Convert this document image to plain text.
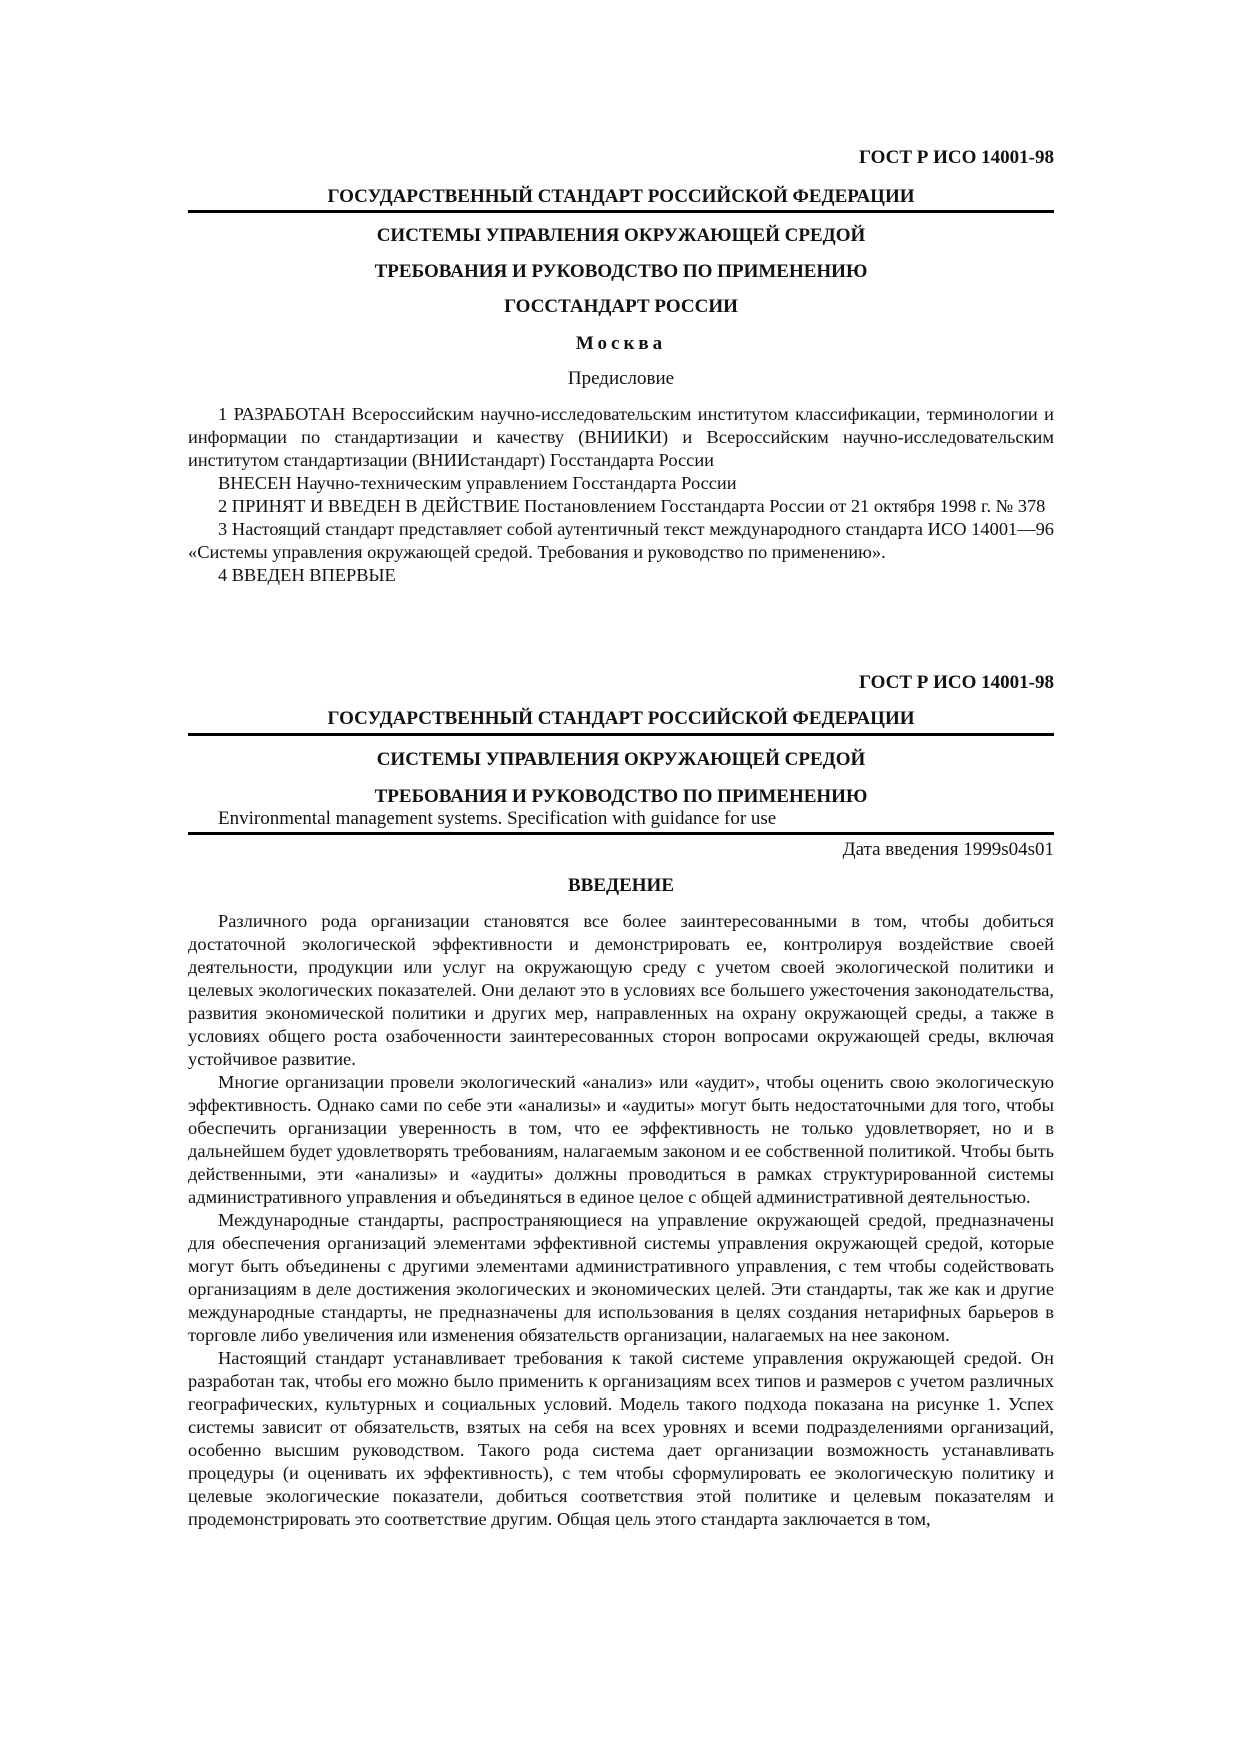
ГОСТ Р ИСО 14001-98
ГОСУДАРСТВЕННЫЙ СТАНДАРТ РОССИЙСКОЙ ФЕДЕРАЦИИ
СИСТЕМЫ УПРАВЛЕНИЯ ОКРУЖАЮЩЕЙ СРЕДОЙ
ТРЕБОВАНИЯ И РУКОВОДСТВО ПО ПРИМЕНЕНИЮ
ГОССТАНДАРТ РОССИИ
Москва
Предисловие

1 РАЗРАБОТАН Всероссийским научно-исследовательским институтом классификации, терминологии и информации по стандартизации и качеству (ВНИИКИ) и Всероссийским научно-исследовательским институтом стандартизации (ВНИИстандарт) Госстандарта России

ВНЕСЕН Научно-техническим управлением Госстандарта России

2 ПРИНЯТ И ВВЕДЕН В ДЕЙСТВИЕ Постановлением Госстандарта России от 21 октября 1998 г. № 378

3 Настоящий стандарт представляет собой аутентичный текст международного стандарта ИСО 14001—96 «Системы управления окружающей средой. Требования и руководство по применению».

4 ВВЕДЕН ВПЕРВЫЕ

ГОСТ Р ИСО 14001-98
ГОСУДАРСТВЕННЫЙ СТАНДАРТ РОССИЙСКОЙ ФЕДЕРАЦИИ
СИСТЕМЫ УПРАВЛЕНИЯ ОКРУЖАЮЩЕЙ СРЕДОЙ
ТРЕБОВАНИЯ И РУКОВОДСТВО ПО ПРИМЕНЕНИЮ
Environmental management systems. Specification with guidance for use
Дата введения 1999s04s01
ВВЕДЕНИЕ

Различного рода организации становятся все более заинтересованными в том, чтобы добиться достаточной экологической эффективности и демонстрировать ее, контролируя воздействие своей деятельности, продукции или услуг на окружающую среду с учетом своей экологической политики и целевых экологических показателей. Они делают это в условиях все большего ужесточения законодательства, развития экономической политики и других мер, направленных на охрану окружающей среды, а также в условиях общего роста озабоченности заинтересованных сторон вопросами окружающей среды, включая устойчивое развитие.

Многие организации провели экологический «анализ» или «аудит», чтобы оценить свою экологическую эффективность. Однако сами по себе эти «анализы» и «аудиты» могут быть недостаточными для того, чтобы обеспечить организации уверенность в том, что ее эффективность не только удовлетворяет, но и в дальнейшем будет удовлетворять требованиям, налагаемым законом и ее собственной политикой. Чтобы быть действенными, эти «анализы» и «аудиты» должны проводиться в рамках структурированной системы административного управления и объединяться в единое целое с общей административной деятельностью.

Международные стандарты, распространяющиеся на управление окружающей средой, предназначены для обеспечения организаций элементами эффективной системы управления окружающей средой, которые могут быть объединены с другими элементами административного управления, с тем чтобы содействовать организациям в деле достижения экологических и экономических целей. Эти стандарты, так же как и другие международные стандарты, не предназначены для использования в целях создания нетарифных барьеров в торговле либо увеличения или изменения обязательств организации, налагаемых на нее законом.

Настоящий стандарт устанавливает требования к такой системе управления окружающей средой. Он разработан так, чтобы его можно было применить к организациям всех типов и размеров с учетом различных географических, культурных и социальных условий. Модель такого подхода показана на рисунке 1. Успех системы зависит от обязательств, взятых на себя на всех уровнях и всеми подразделениями организаций, особенно высшим руководством. Такого рода система дает организации возможность устанавливать процедуры (и оценивать их эффективность), с тем чтобы сформулировать ее экологическую политику и целевые экологические показатели, добиться соответствия этой политике и целевым показателям и продемонстрировать это соответствие другим. Общая цель этого стандарта заключается в том,
